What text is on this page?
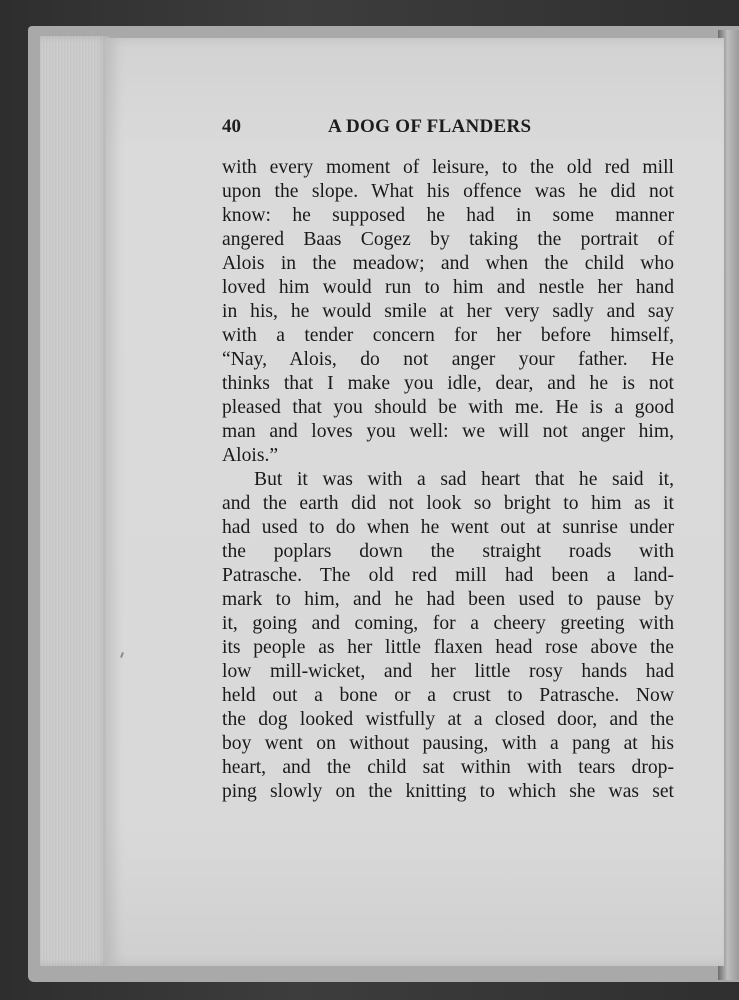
40	A DOG OF FLANDERS
with every moment of leisure, to the old red mill
upon the slope. What his offence was he did not
know: he supposed he had in some manner
angered Baas Cogez by taking the portrait of
Alois in the meadow; and when the child who
loved him would run to him and nestle her hand
in his, he would smile at her very sadly and say
with a tender concern for her before himself,
“Nay, Alois, do not anger your father. He
thinks that I make you idle, dear, and he is not
pleased that you should be with me. He is a good
man and loves you well: we will not anger him,
Alois.”
But it was with a sad heart that he said it,
and the earth did not look so bright to him as it
had used to do when he went out at sunrise under
the poplars down the straight roads with
Patrasche. The old red mill had been a land-
mark to him, and he had been used to pause by
it, going and coming, for a cheery greeting with
its people as her little flaxen head rose above the
low mill-wicket, and her little rosy hands had
held out a bone or a crust to Patrasche. Now
the dog looked wistfully at a closed door, and the
boy went on without pausing, with a pang at his
heart, and the child sat within with tears drop-
ping slowly on the knitting to which she was set
